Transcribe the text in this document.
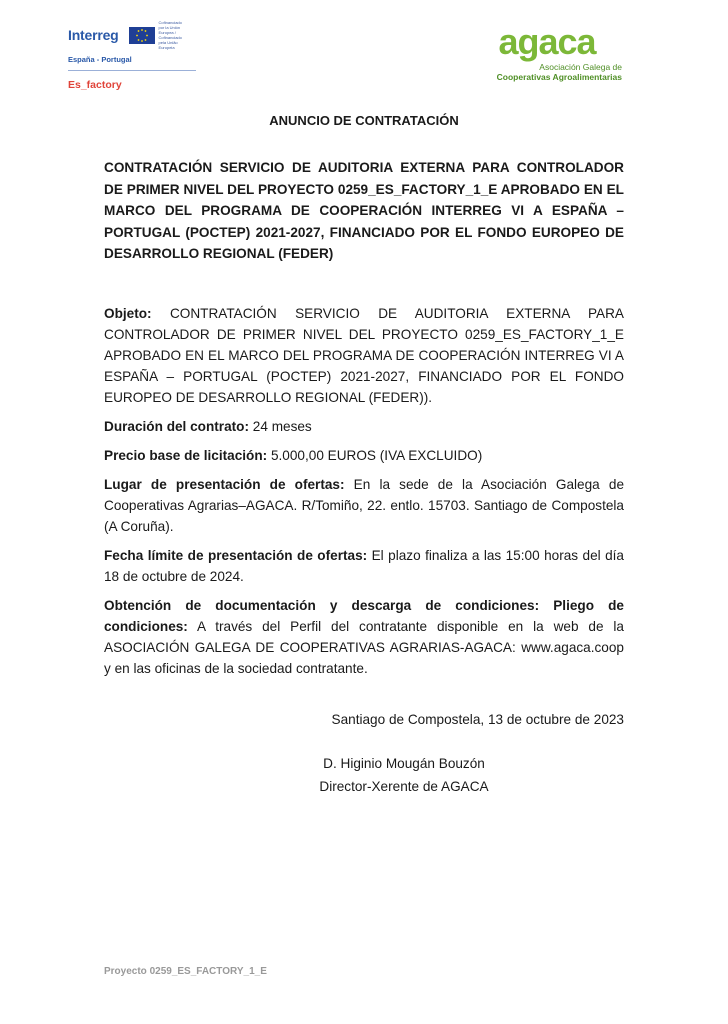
Interreg
Cofinanciado por la Unión Europea / Cofinanciado pela União Europeia
España - Portugal
Es_factory
agaca
Asociación Galega de
Cooperativas Agroalimentarias

ANUNCIO DE CONTRATACIÓN

CONTRATACIÓN SERVICIO DE AUDITORIA EXTERNA PARA CONTROLADOR DE PRIMER NIVEL DEL PROYECTO 0259_ES_FACTORY_1_E APROBADO EN EL MARCO DEL PROGRAMA DE COOPERACIÓN INTERREG VI A ESPAÑA – PORTUGAL (POCTEP) 2021-2027, FINANCIADO POR EL FONDO EUROPEO DE DESARROLLO REGIONAL (FEDER)

Objeto: CONTRATACIÓN SERVICIO DE AUDITORIA EXTERNA PARA CONTROLADOR DE PRIMER NIVEL DEL PROYECTO 0259_ES_FACTORY_1_E APROBADO EN EL MARCO DEL PROGRAMA DE COOPERACIÓN INTERREG VI A ESPAÑA – PORTUGAL (POCTEP) 2021-2027, FINANCIADO POR EL FONDO EUROPEO DE DESARROLLO REGIONAL (FEDER)).

Duración del contrato: 24 meses

Precio base de licitación: 5.000,00 EUROS (IVA EXCLUIDO)

Lugar de presentación de ofertas: En la sede de la Asociación Galega de Cooperativas Agrarias–AGACA. R/Tomiño, 22. entlo. 15703. Santiago de Compostela (A Coruña).

Fecha límite de presentación de ofertas: El plazo finaliza a las 15:00 horas del día 18 de octubre de 2024.

Obtención de documentación y descarga de condiciones: Pliego de condiciones: A través del Perfil del contratante disponible en la web de la ASOCIACIÓN GALEGA DE COOPERATIVAS AGRARIAS-AGACA: www.agaca.coop y en las oficinas de la sociedad contratante.

Santiago de Compostela, 13 de octubre de 2023

D. Higinio Mougán Bouzón
Director-Xerente de AGACA
Proyecto 0259_ES_FACTORY_1_E
